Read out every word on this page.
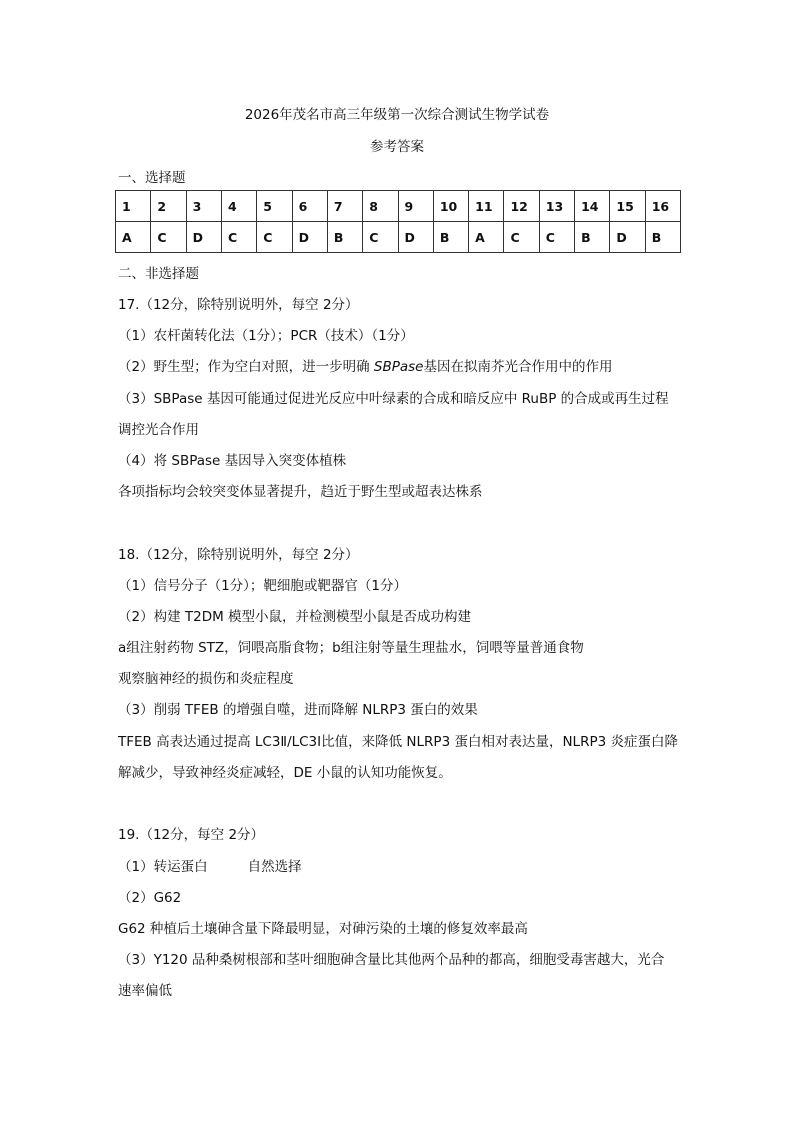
2026年茂名市高三年级第一次综合测试生物学试卷
参考答案
一、选择题
1	2	3	4	5	6	7	8	9	10	11	12	13	14	15	16
A	C	D	C	C	D	B	C	D	B	A	C	C	B	D	B
二、非选择题
17.（12分，除特别说明外，每空 2分）
（1）农杆菌转化法（1分）；PCR（技术）（1分）
（2）野生型；作为空白对照，进一步明确 SBPase基因在拟南芥光合作用中的作用
（3）SBPase 基因可能通过促进光反应中叶绿素的合成和暗反应中 RuBP 的合成或再生过程
调控光合作用
（4）将 SBPase 基因导入突变体植株
各项指标均会较突变体显著提升，趋近于野生型或超表达株系
18.（12分，除特别说明外，每空 2分）
（1）信号分子（1分）；靶细胞或靶器官（1分）
（2）构建 T2DM 模型小鼠，并检测模型小鼠是否成功构建
a组注射药物 STZ，饲喂高脂食物；b组注射等量生理盐水，饲喂等量普通食物
观察脑神经的损伤和炎症程度
（3）削弱 TFEB 的增强自噬，进而降解 NLRP3 蛋白的效果
TFEB 高表达通过提高 LC3Ⅱ/LC3Ⅰ比值，来降低 NLRP3 蛋白相对表达量，NLRP3 炎症蛋白降
解减少，导致神经炎症减轻，DE 小鼠的认知功能恢复。
19.（12分，每空 2分）
（1）转运蛋白	自然选择
（2）G62
G62 种植后土壤砷含量下降最明显，对砷污染的土壤的修复效率最高
（3）Y120 品种桑树根部和茎叶细胞砷含量比其他两个品种的都高，细胞受毒害越大，光合
速率偏低
